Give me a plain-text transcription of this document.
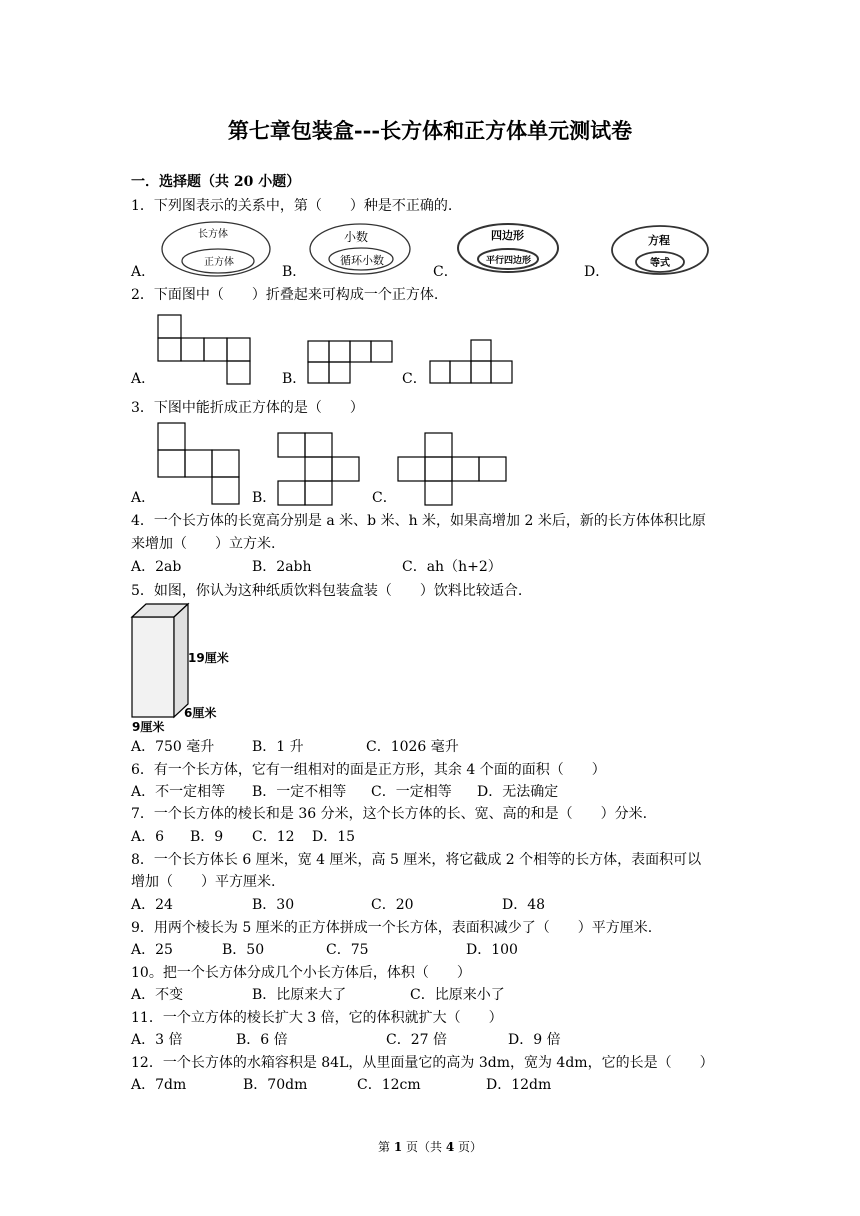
第七章包装盒---长方体和正方体单元测试卷
一．选择题（共 20 小题）
1．下列图表示的关系中，第（　　）种是不正确的.
A．	B．	C．	D．
长方体
正方体
小数
循环小数
四边形
平行四边形
方程
等式
2．下面图中（　　）折叠起来可构成一个正方体.
A．	B．	C．
3．下图中能折成正方体的是（　　）
A．	B．	C．
4．一个长方体的长宽高分别是 a 米、b 米、h 米，如果高增加 2 米后，新的长方体体积比原
来增加（　　）立方米.
A．2ab	B．2abh	C．ah（h+2）
5．如图，你认为这种纸质饮料包装盒装（　　）饮料比较适合.
19厘米
6厘米
9厘米
A．750 毫升	B．1 升	C．1026 毫升
6．有一个长方体，它有一组相对的面是正方形，其余 4 个面的面积（　　）
A．不一定相等 B．一定不相等 C．一定相等 D．无法确定
7．一个长方体的棱长和是 36 分米，这个长方体的长、宽、高的和是（　　）分米.
A．6 B．9 C．12 D．15
8．一个长方体长 6 厘米，宽 4 厘米，高 5 厘米，将它截成 2 个相等的长方体，表面积可以
增加（　　）平方厘米.
A．24	B．30	C．20	D．48
9．用两个棱长为 5 厘米的正方体拼成一个长方体，表面积减少了（　　）平方厘米.
A．25	B．50	C．75	D．100
10。把一个长方体分成几个小长方体后，体积（　　）
A．不变	B．比原来大了	C．比原来小了
11．一个立方体的棱长扩大 3 倍，它的体积就扩大（　　）
A．3 倍	B．6 倍	C．27 倍	D．9 倍
12．一个长方体的水箱容积是 84L，从里面量它的高为 3dm，宽为 4dm，它的长是（　　）
A．7dm	B．70dm	C．12cm	D．12dm
第 1 页（共 4 页）
